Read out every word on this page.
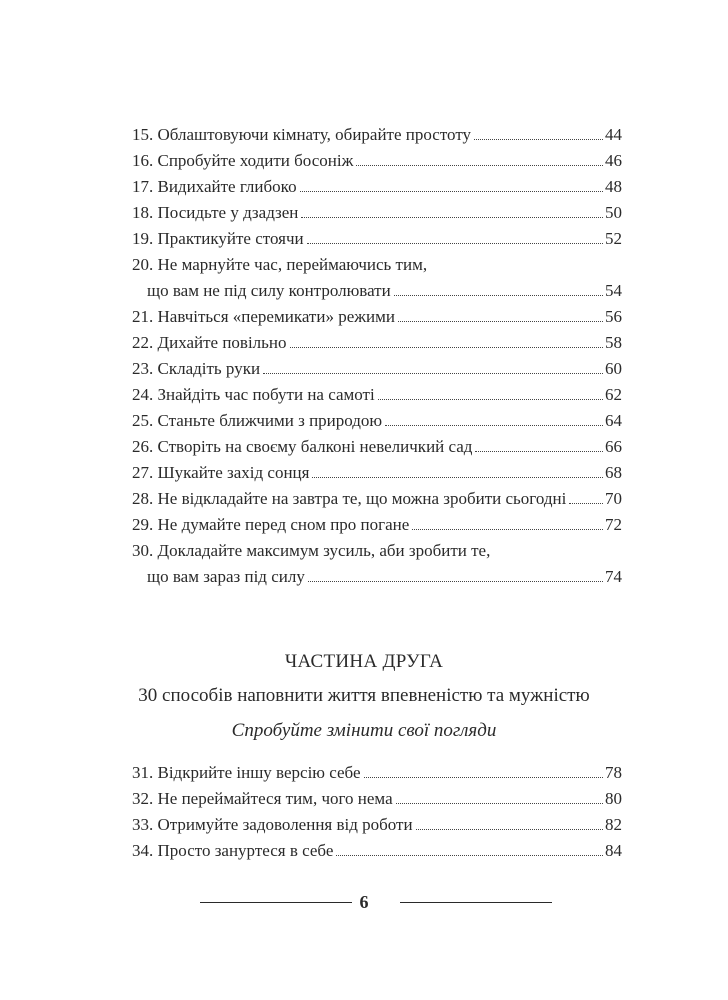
15. Облаштовуючи кімнату, обирайте простоту	44
16. Спробуйте ходити босоніж	46
17. Видихайте глибоко	48
18. Посидьте у дзадзен	50
19. Практикуйте стоячи	52
20. Не марнуйте час, переймаючись тим,
що вам не під силу контролювати	54
21. Навчіться «перемикати» режими	56
22. Дихайте повільно	58
23. Складіть руки	60
24. Знайдіть час побути на самоті	62
25. Станьте ближчими з природою	64
26. Створіть на своєму балконі невеличкий сад	66
27. Шукайте захід сонця	68
28. Не відкладайте на завтра те, що можна зробити сьогодні 70
29. Не думайте перед сном про погане	72
30. Докладайте максимум зусиль, аби зробити те,
що вам зараз під силу	74
ЧАСТИНА ДРУГА
30 способів наповнити життя впевненістю та мужністю
Спробуйте змінити свої погляди
31. Відкрийте іншу версію себе	78
32. Не переймайтеся тим, чого нема	80
33. Отримуйте задоволення від роботи	82
34. Просто зануртеся в себе	84
6
